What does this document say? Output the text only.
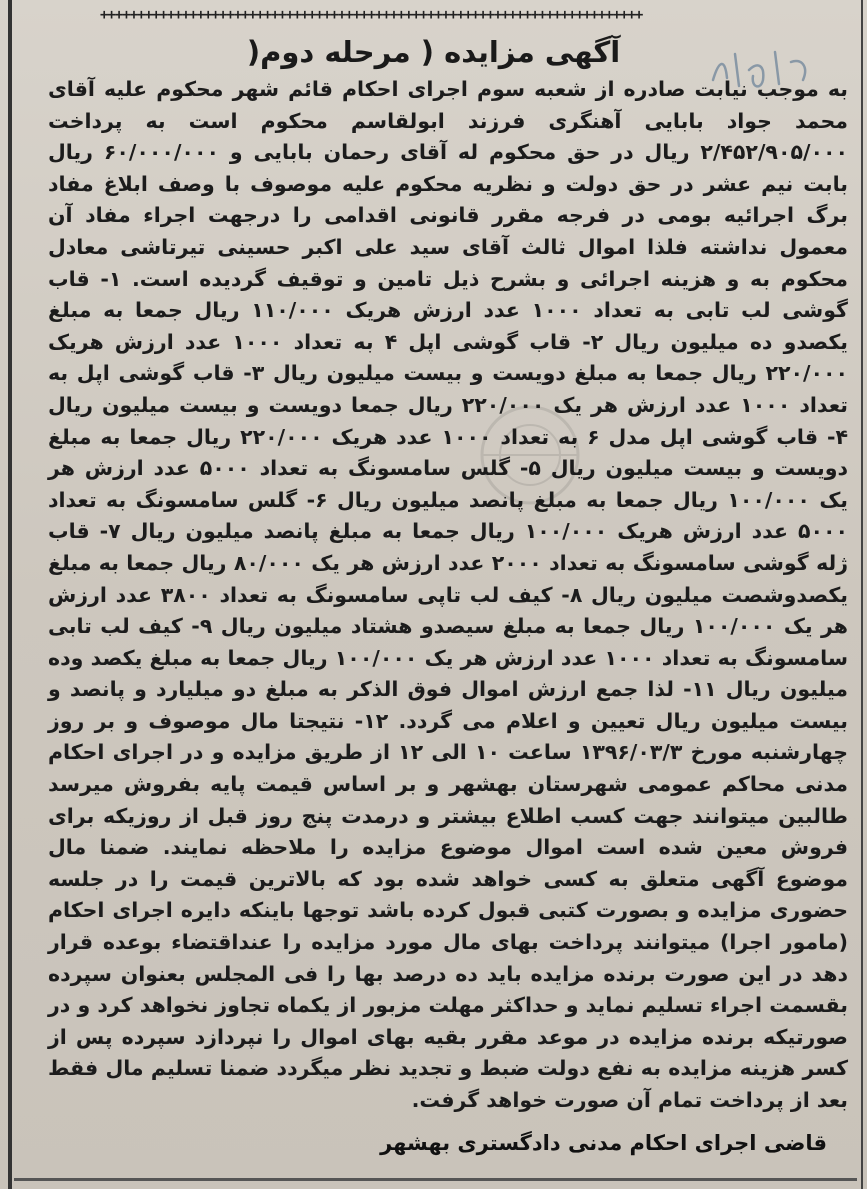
+++++++++++++++++++++++++++++++++++++++++++++++++++++++++++++++++++++++++
آگهی مزایده ( مرحله دوم(
به موجب نیابت صادره از شعبه سوم اجرای احکام قائم شهر محکوم علیه آقای محمد جواد بابایی آهنگری فرزند ابولقاسم محکوم است به پرداخت ۲/۴۵۲/۹۰۵/۰۰۰ ریال در حق محکوم له آقای رحمان بابایی و ۶۰/۰۰۰/۰۰۰ ریال بابت نیم عشر در حق دولت و نظریه محکوم علیه موصوف با وصف ابلاغ مفاد برگ اجرائیه بومی در فرجه مقرر قانونی اقدامی را درجهت اجراء مفاد آن معمول نداشته فلذا اموال ثالث آقای سید علی اکبر حسینی تیرتاشی معادل محکوم به و هزینه اجرائی و بشرح ذیل تامین و توقیف گردیده است. ۱- قاب گوشی لب تابی به تعداد ۱۰۰۰ عدد ارزش هریک ۱۱۰/۰۰۰ ریال جمعا به مبلغ یکصدو ده میلیون ریال ۲- قاب گوشی اپل ۴ به تعداد ۱۰۰۰ عدد ارزش هریک ۲۲۰/۰۰۰ ریال جمعا به مبلغ دویست و بیست میلیون ریال ۳- قاب گوشی اپل به تعداد ۱۰۰۰ عدد ارزش هر یک ۲۲۰/۰۰۰ ریال جمعا دویست و بیست میلیون ریال ۴- قاب گوشی اپل مدل ۶ به تعداد ۱۰۰۰ عدد هریک ۲۲۰/۰۰۰ ریال جمعا به مبلغ دویست و بیست میلیون ریال ۵- گلس سامسونگ به تعداد ۵۰۰۰ عدد ارزش هر یک ۱۰۰/۰۰۰ ریال جمعا به مبلغ پانصد میلیون ریال ۶- گلس سامسونگ به تعداد ۵۰۰۰ عدد ارزش هریک ۱۰۰/۰۰۰ ریال جمعا به مبلغ پانصد میلیون ریال ۷- قاب ژله گوشی سامسونگ به تعداد ۲۰۰۰ عدد ارزش هر یک ۸۰/۰۰۰ ریال جمعا به مبلغ یکصدوشصت میلیون ریال ۸- کیف لب تاپی سامسونگ به تعداد ۳۸۰۰ عدد ارزش هر یک ۱۰۰/۰۰۰ ریال جمعا به مبلغ سیصدو هشتاد میلیون ریال ۹- کیف لب تابی سامسونگ به تعداد ۱۰۰۰ عدد ارزش هر یک ۱۰۰/۰۰۰ ریال جمعا به مبلغ یکصد وده میلیون ریال ۱۱- لذا جمع ارزش اموال فوق الذکر به مبلغ دو میلیارد و پانصد و بیست میلیون ریال تعیین و اعلام می گردد. ۱۲- نتیجتا مال موصوف و بر روز چهارشنبه مورخ ۱۳۹۶/۰۳/۳ ساعت ۱۰ الی ۱۲ از طریق مزایده و در اجرای احکام مدنی محاکم عمومی شهرستان بهشهر و بر اساس قیمت پایه بفروش میرسد طالبین میتوانند جهت کسب اطلاع بیشتر و درمدت پنج روز قبل از روزیکه برای فروش معین شده است اموال موضوع مزایده را ملاحظه نمایند. ضمنا مال موضوع آگهی متعلق به کسی خواهد شده بود که بالاترین قیمت را در جلسه حضوری مزایده و بصورت کتبی قبول کرده باشد توجها باینکه دایره اجرای احکام (مامور اجرا) میتوانند پرداخت بهای مال مورد مزایده را عنداقتضاء بوعده قرار دهد در این صورت برنده مزایده باید ده درصد بها را فی المجلس بعنوان سپرده بقسمت اجراء تسلیم نماید و حداکثر مهلت مزبور از یکماه تجاوز نخواهد کرد و در صورتیکه برنده مزایده در موعد مقرر بقیه بهای اموال را نپردازد سپرده پس از کسر هزینه مزایده به نفع دولت ضبط و تجدید نظر میگردد ضمنا تسلیم مال فقط بعد از پرداخت تمام آن صورت خواهد گرفت.
قاضی اجرای احکام مدنی دادگستری بهشهر
